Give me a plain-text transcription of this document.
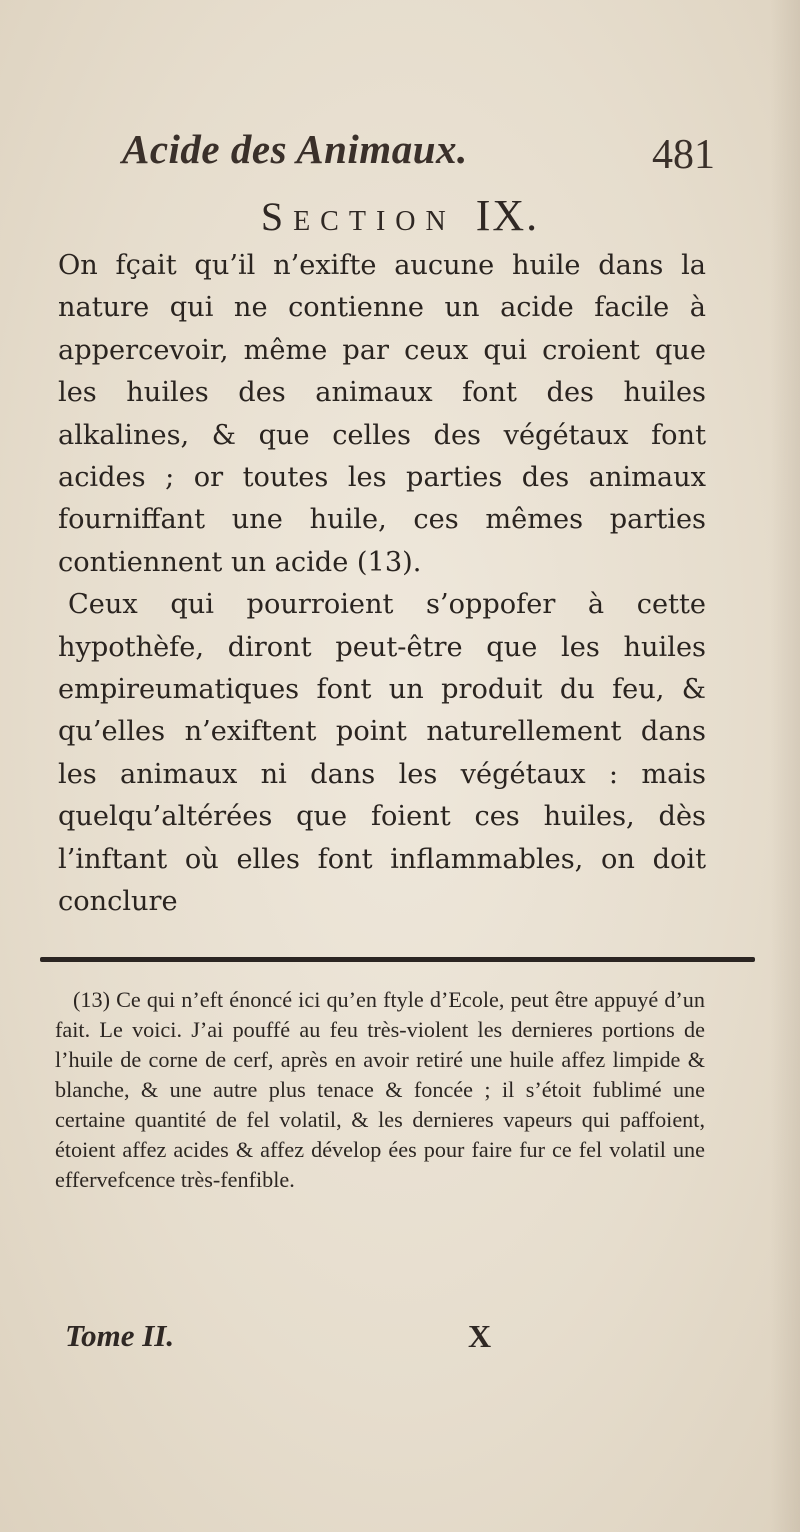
Acide des Animaux.	481
Section IX.

On fçait qu’il n’exifte aucune huile dans la nature qui ne contienne un acide facile à appercevoir, même par ceux qui croient que les huiles des animaux font des huiles alkalines, & que celles des végétaux font acides ; or toutes les parties des animaux fourniffant une huile, ces mêmes parties contiennent un acide (13).

Ceux qui pourroient s’oppofer à cette hypothèfe, diront peut-être que les huiles empireumatiques font un produit du feu, & qu’elles n’exiftent point naturellement dans les animaux ni dans les végétaux : mais quelqu’altérées que foient ces huiles, dès l’inftant où elles font inflammables, on doit conclure

(13) Ce qui n’eft énoncé ici qu’en ftyle d’Ecole, peut être appuyé d’un fait. Le voici. J’ai pouffé au feu très-violent les dernieres portions de l’huile de corne de cerf, après en avoir retiré une huile affez limpide & blanche, & une autre plus tenace & foncée ; il s’étoit fublimé une certaine quantité de fel volatil, & les dernieres vapeurs qui paffoient, étoient affez acides & affez dévelop ées pour faire fur ce fel volatil une effervefcence très-fenfible.

Tome II.	X
